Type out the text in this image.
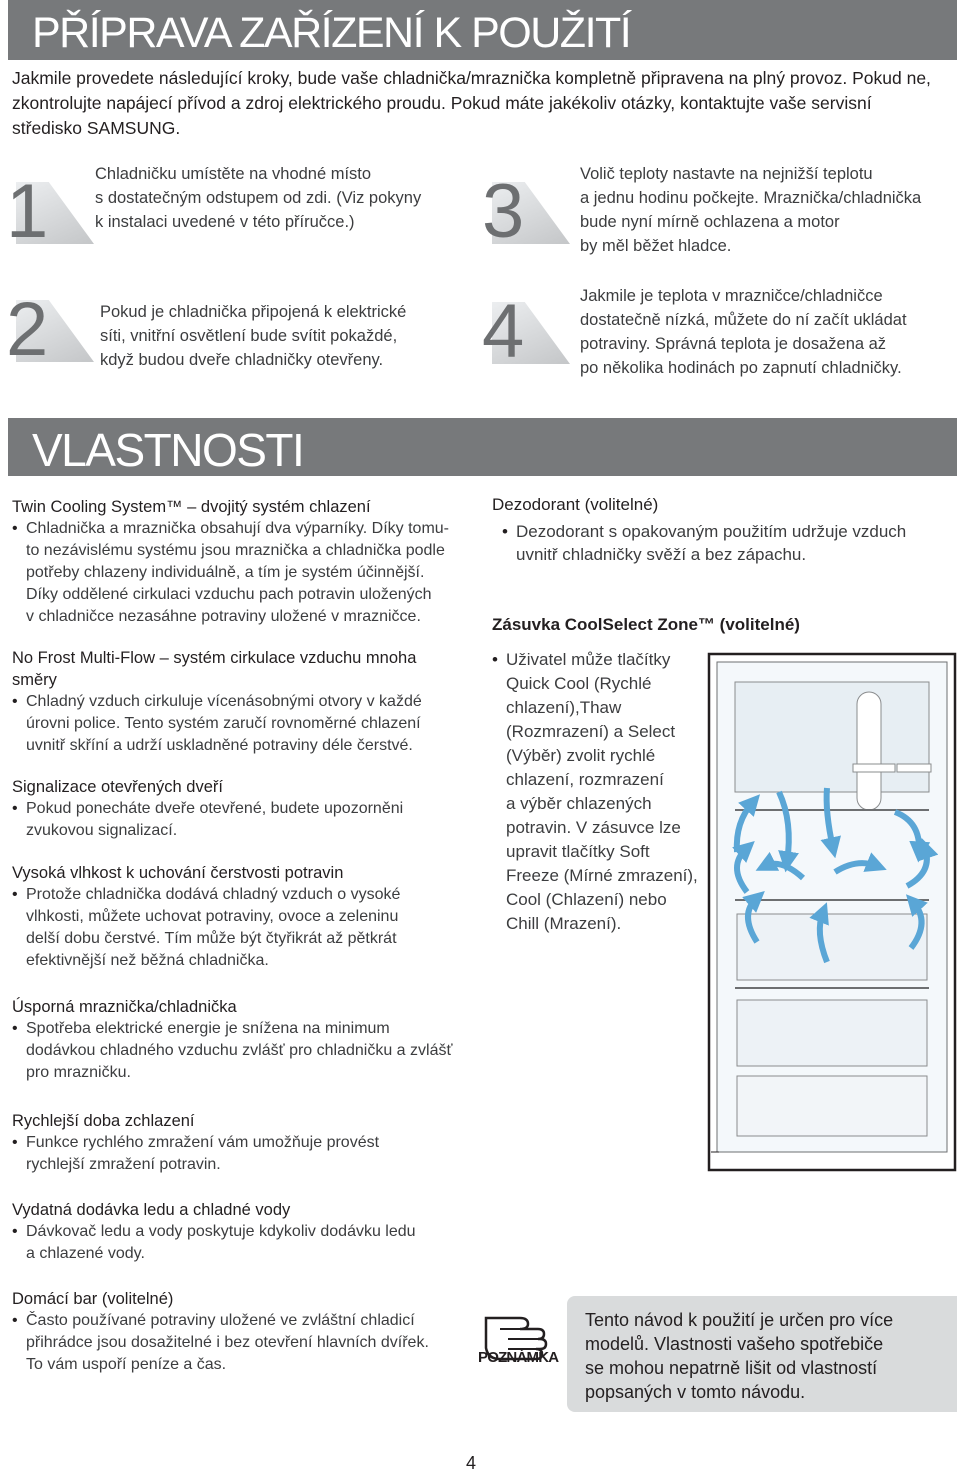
PŘÍPRAVA ZAŘÍZENÍ K POUŽITÍ

Jakmile provedete následující kroky, bude vaše chladnička/mraznička kompletně připravena na plný provoz. Pokud ne, zkontrolujte napájecí přívod a zdroj elektrického proudu. Pokud máte jakékoliv otázky, kontaktujte vaše servisní středisko SAMSUNG.

1	Chladničku umístěte na vhodné místo
s dostatečným odstupem od zdi. (Viz pokyny
k instalaci uvedené v této příručce.)
2	Pokud je chladnička připojená k elektrické
síti, vnitřní osvětlení bude svítit pokaždé,
když budou dveře chladničky otevřeny.
3	Volič teploty nastavte na nejnižší teplotu
a jednu hodinu počkejte. Mraznička/chladnička
bude nyní mírně ochlazena a motor
by měl běžet hladce.
4	Jakmile je teplota v mrazničce/chladničce
dostatečně nízká, můžete do ní začít ukládat
potraviny. Správná teplota je dosažena až
po několika hodinách po zapnutí chladničky.
VLASTNOSTI
Twin Cooling System™ – dvojitý systém chlazení
• Chladnička a mraznička obsahují dva výparníky. Díky tomu-
to nezávislému systému jsou mraznička a chladnička podle
potřeby chlazeny individuálně, a tím je systém účinnější.
Díky oddělené cirkulaci vzduchu pach potravin uložených
v chladničce nezasáhne potraviny uložené v mrazničce.

No Frost Multi-Flow – systém cirkulace vzduchu mnoha směry
• Chladný vzduch cirkuluje vícenásobnými otvory v každé
úrovni police. Tento systém zaručí rovnoměrné chlazení
uvnitř skříní a udrží uskladněné potraviny déle čerstvé.

Signalizace otevřených dveří
• Pokud ponecháte dveře otevřené, budete upozorněni
zvukovou signalizací.

Vysoká vlhkost k uchování čerstvosti potravin
• Protože chladnička dodává chladný vzduch o vysoké
vlhkosti, můžete uchovat potraviny, ovoce a zeleninu
delší dobu čerstvé. Tím může být čtyřikrát až pětkrát
efektivnější než běžná chladnička.

Úsporná mraznička/chladnička
• Spotřeba elektrické energie je snížena na minimum
dodávkou chladného vzduchu zvlášť pro chladničku a zvlášť
pro mrazničku.

Rychlejší doba zchlazení
• Funkce rychlého zmražení vám umožňuje provést
rychlejší zmražení potravin.

Vydatná dodávka ledu a chladné vody
• Dávkovač ledu a vody poskytuje kdykoliv dodávku ledu
a chlazené vody.

Domácí bar (volitelné)
• Často používané potraviny uložené ve zvláštní chladicí
přihrádce jsou dosažitelné i bez otevření hlavních dvířek.
To vám uspoří peníze a čas.

Dezodorant (volitelné)
• Dezodorant s opakovaným použitím udržuje vzduch
uvnitř chladničky svěží a bez zápachu.

Zásuvka CoolSelect Zone™ (volitelné)
• Uživatel může tlačítky
Quick Cool (Rychlé
chlazení),Thaw
(Rozmrazení) a Select
(Výběr) zvolit rychlé
chlazení, rozmrazení
a výběr chlazených
potravin. V zásuvce lze
upravit tlačítky Soft
Freeze (Mírné zmrazení),
Cool (Chlazení) nebo
Chill (Mrazení).

POZNÁMKA
Tento návod k použití je určen pro více
modelů. Vlastnosti vašeho spotřebiče
se mohou nepatrně lišit od vlastností
popsaných v tomto návodu.
4
